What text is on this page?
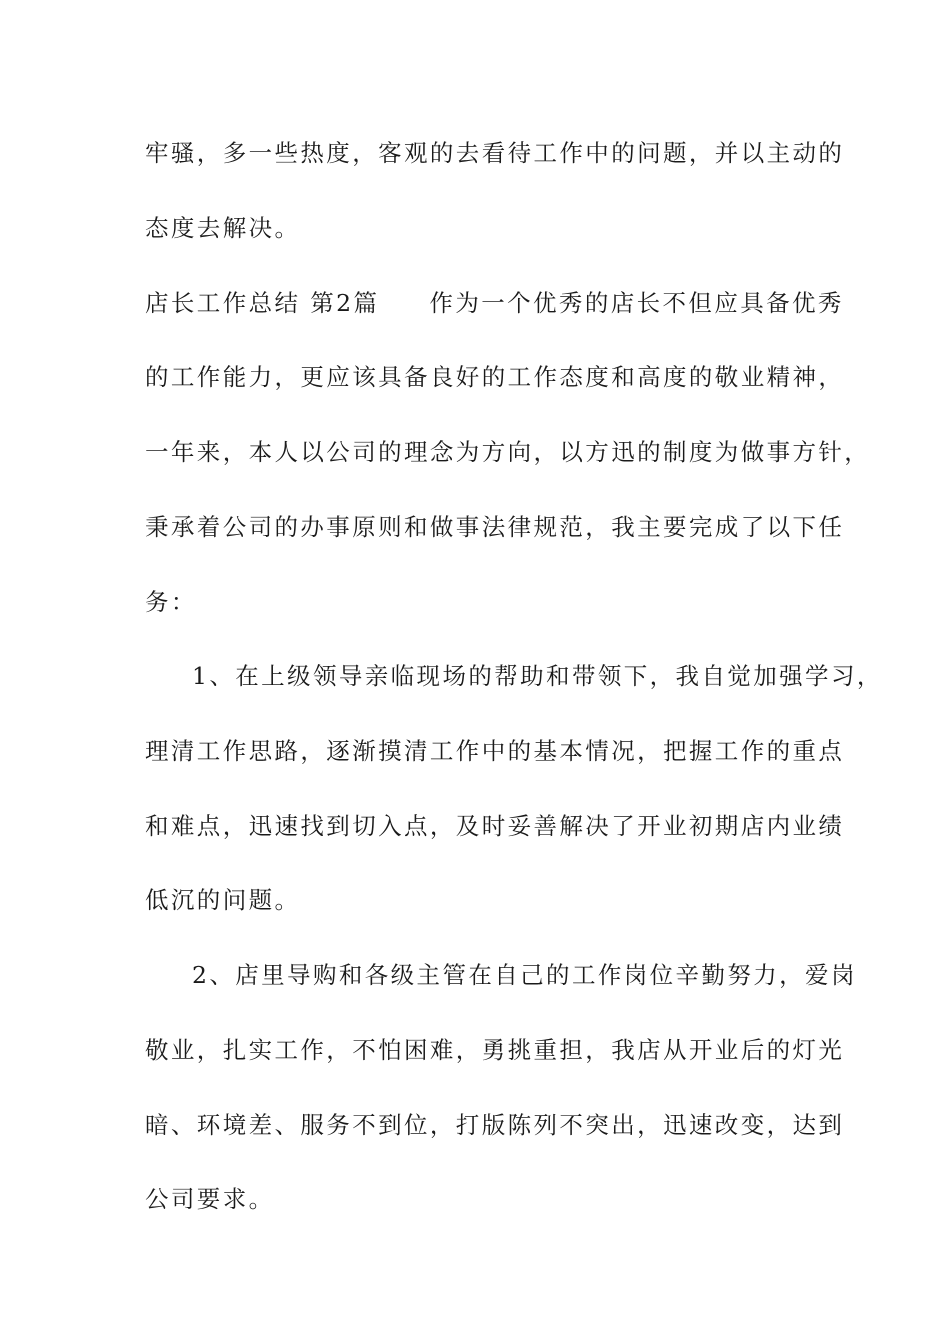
牢骚，多一些热度，客观的去看待工作中的问题，并以主动的
态度去解决。
店长工作总结 第2篇 作为一个优秀的店长不但应具备优秀
的工作能力，更应该具备良好的工作态度和高度的敬业精神，
一年来，本人以公司的理念为方向，以方迅的制度为做事方针，
秉承着公司的办事原则和做事法律规范，我主要完成了以下任
务：
1、在上级领导亲临现场的帮助和带领下，我自觉加强学习，
理清工作思路，逐渐摸清工作中的基本情况，把握工作的重点
和难点，迅速找到切入点，及时妥善解决了开业初期店内业绩
低沉的问题。
2、店里导购和各级主管在自己的工作岗位辛勤努力，爱岗
敬业，扎实工作，不怕困难，勇挑重担，我店从开业后的灯光
暗、环境差、服务不到位，打版陈列不突出，迅速改变，达到
公司要求。
